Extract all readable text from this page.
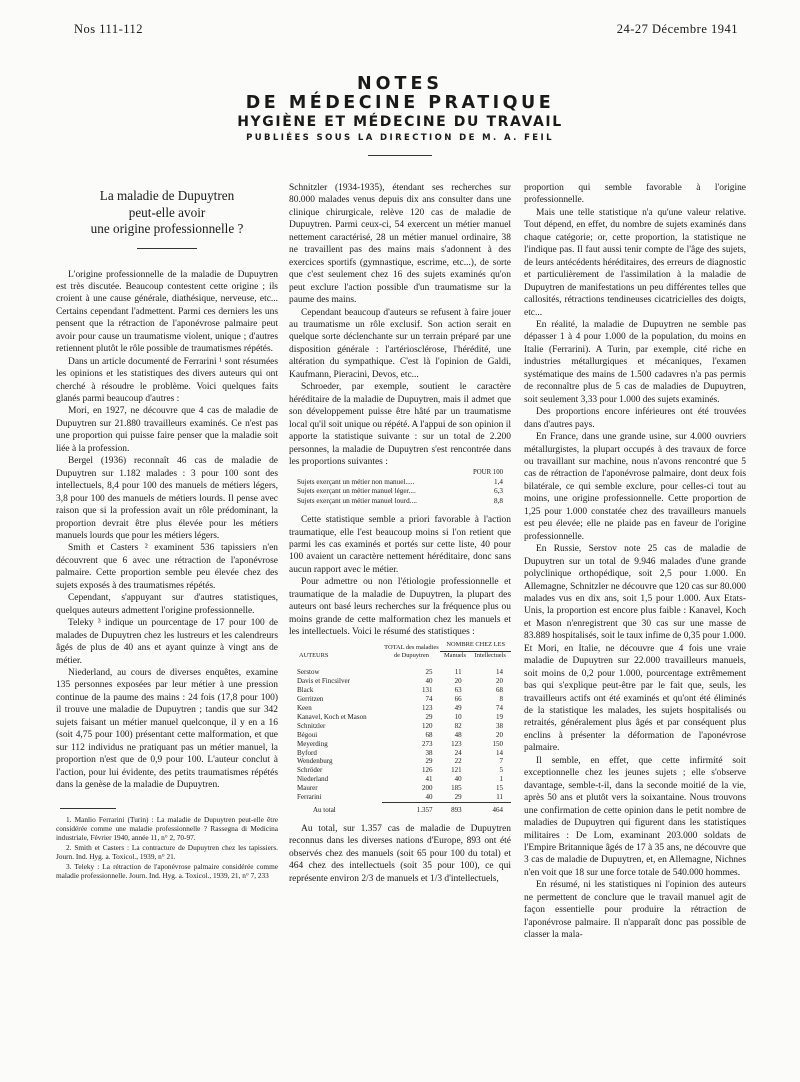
Nos 111-112	24-27 Décembre 1941
NOTES
DE MÉDECINE PRATIQUE
HYGIÈNE ET MÉDECINE DU TRAVAIL
PUBLIÉES SOUS LA DIRECTION DE M. A. FEIL
La maladie de Dupuytren
peut-elle avoir
une origine professionnelle ?

L'origine professionnelle de la maladie de Dupuytren est très discutée. Beaucoup contestent cette origine ; ils croient à une cause générale, diathésique, nerveuse, etc... Certains cependant l'admettent. Parmi ces derniers les uns pensent que la rétraction de l'aponévrose palmaire peut avoir pour cause un traumatisme violent, unique ; d'autres retiennent plutôt le rôle possible de traumatismes répétés.

Dans un article documenté de Ferrarini ¹ sont résumées les opinions et les statistiques des divers auteurs qui ont cherché à résoudre le problème. Voici quelques faits glanés parmi beaucoup d'autres :

Mori, en 1927, ne découvre que 4 cas de maladie de Dupuytren sur 21.880 travailleurs examinés. Ce n'est pas une proportion qui puisse faire penser que la maladie soit liée à la profession.

Bergel (1936) reconnaît 46 cas de maladie de Dupuytren sur 1.182 malades : 3 pour 100 sont des intellectuels, 8,4 pour 100 des manuels de métiers légers, 3,8 pour 100 des manuels de métiers lourds. Il pense avec raison que si la profession avait un rôle prédominant, la proportion devrait être plus élevée pour les métiers manuels lourds que pour les métiers légers.

Smith et Casters ² examinent 536 tapissiers n'en découvrent que 6 avec une rétraction de l'aponévrose palmaire. Cette proportion semble peu élevée chez des sujets exposés à des traumatismes répétés.

Cependant, s'appuyant sur d'autres statistiques, quelques auteurs admettent l'origine professionnelle.

Teleky ³ indique un pourcentage de 17 pour 100 de malades de Dupuytren chez les lustreurs et les calendreurs âgés de plus de 40 ans et ayant quinze à vingt ans de métier.

Niederland, au cours de diverses enquêtes, examine 135 personnes exposées par leur métier à une pression continue de la paume des mains : 24 fois (17,8 pour 100) il trouve une maladie de Dupuytren ; tandis que sur 342 sujets faisant un métier manuel quelconque, il y en a 16 (soit 4,75 pour 100) présentant cette malformation, et que sur 112 individus ne pratiquant pas un métier manuel, la proportion n'est que de 0,9 pour 100. L'auteur conclut à l'action, pour lui évidente, des petits traumatismes répétés dans la genèse de la maladie de Dupuytren.

1. Manlio Ferrarini (Turin) : La maladie de Dupuytren peut-elle être considérée comme une maladie professionnelle ? Rassegna di Medicina industriale, Février 1940, année 11, n° 2, 70-97.

2. Smith et Casters : La contracture de Dupuytren chez les tapissiers. Journ. Ind. Hyg. a. Toxicol., 1939, n° 21.

3. Teleky : La rétraction de l'aponévrose palmaire considérée comme maladie professionnelle. Journ. Ind. Hyg. a. Toxicol., 1939, 21, n° 7, 233

Schnitzler (1934-1935), étendant ses recherches sur 80.000 malades venus depuis dix ans consulter dans une clinique chirurgicale, relève 120 cas de maladie de Dupuytren. Parmi ceux-ci, 54 exercent un métier manuel nettement caractérisé, 28 un métier manuel ordinaire, 38 ne travaillent pas des mains mais s'adonnent à des exercices sportifs (gymnastique, escrime, etc...), de sorte que c'est seulement chez 16 des sujets examinés qu'on peut exclure l'action possible d'un traumatisme sur la paume des mains.

Cependant beaucoup d'auteurs se refusent à faire jouer au traumatisme un rôle exclusif. Son action serait en quelque sorte déclenchante sur un terrain préparé par une disposition générale : l'artériosclérose, l'hérédité, une altération du sympathique. C'est là l'opinion de Galdi, Kaufmann, Pieracini, Devos, etc...

Schroeder, par exemple, soutient le caractère héréditaire de la maladie de Dupuytren, mais il admet que son développement puisse être hâté par un traumatisme local qu'il soit unique ou répété. A l'appui de son opinion il apporte la statistique suivante : sur un total de 2.200 personnes, la maladie de Dupuytren s'est rencontrée dans les proportions suivantes :

	POUR 100
Sujets exerçant un métier non manuel.....	1,4
Sujets exerçant un métier manuel léger....	6,3
Sujets exerçant un métier manuel lourd....	8,8

Cette statistique semble a priori favorable à l'action traumatique, elle l'est beaucoup moins si l'on retient que parmi les cas examinés et portés sur cette liste, 40 pour 100 avaient un caractère nettement héréditaire, donc sans aucun rapport avec le métier.

Pour admettre ou non l'étiologie professionnelle et traumatique de la maladie de Dupuytren, la plupart des auteurs ont basé leurs recherches sur la fréquence plus ou moins grande de cette malformation chez les manuels et les intellectuels. Voici le résumé des statistiques :

AUTEURS	TOTAL des maladies de Dupuytren	NOMBRE CHEZ LES	
		Manuels	Intellectuels

Serstow	25	11	14
Davis et Fincsilver	40	20	20
Black	131	63	68
Gerritzen	74	66	8
Keen	123	49	74
Kanavel, Koch et Mason	29	10	19
Schnitzler	120	82	38
Bégoui	68	48	20
Meyerding	273	123	150
Byford	38	24	14
Wendenburg	29	22	7
Schröder	126	121	5
Niederland	41	40	1
Maurer	200	185	15
Ferrarini	40	29	11
Au total	1.357	893	464

Au total, sur 1.357 cas de maladie de Dupuytren reconnus dans les diverses nations d'Europe, 893 ont été observés chez des manuels (soit 65 pour 100 du total) et 464 chez des intellectuels (soit 35 pour 100), ce qui représente environ 2/3 de manuels et 1/3 d'intellectuels,

proportion qui semble favorable à l'origine professionnelle.

Mais une telle statistique n'a qu'une valeur relative. Tout dépend, en effet, du nombre de sujets examinés dans chaque catégorie; or, cette proportion, la statistique ne l'indique pas. Il faut aussi tenir compte de l'âge des sujets, de leurs antécédents héréditaires, des erreurs de diagnostic et particulièrement de l'assimilation à la maladie de Dupuytren de manifestations un peu différentes telles que callosités, rétractions tendineuses cicatricielles des doigts, etc...

En réalité, la maladie de Dupuytren ne semble pas dépasser 1 à 4 pour 1.000 de la population, du moins en Italie (Ferrarini). A Turin, par exemple, cité riche en industries métallurgiques et mécaniques, l'examen systématique des mains de 1.500 cadavres n'a pas permis de reconnaître plus de 5 cas de maladies de Dupuytren, soit seulement 3,33 pour 1.000 des sujets examinés.

Des proportions encore inférieures ont été trouvées dans d'autres pays.

En France, dans une grande usine, sur 4.000 ouvriers métallurgistes, la plupart occupés à des travaux de force ou travaillant sur machine, nous n'avons rencontré que 5 cas de rétraction de l'aponévrose palmaire, dont deux fois bilatérale, ce qui semble exclure, pour celles-ci tout au moins, une origine professionnelle. Cette proportion de 1,25 pour 1.000 constatée chez des travailleurs manuels est peu élevée; elle ne plaide pas en faveur de l'origine professionnelle.

En Russie, Serstov note 25 cas de maladie de Dupuytren sur un total de 9.946 malades d'une grande polyclinique orthopédique, soit 2,5 pour 1.000. En Allemagne, Schnitzler ne découvre que 120 cas sur 80.000 malades vus en dix ans, soit 1,5 pour 1.000. Aux Etats-Unis, la proportion est encore plus faible : Kanavel, Koch et Mason n'enregistrent que 30 cas sur une masse de 83.889 hospitalisés, soit le taux infime de 0,35 pour 1.000. Et Mori, en Italie, ne découvre que 4 fois une vraie maladie de Dupuytren sur 22.000 travailleurs manuels, soit moins de 0,2 pour 1.000, pourcentage extrêmement bas qui s'explique peut-être par le fait que, seuls, les travailleurs actifs ont été examinés et qu'ont été éliminés de la statistique les malades, les sujets hospitalisés ou retraités, généralement plus âgés et par conséquent plus enclins à présenter la déformation de l'aponévrose palmaire.

Il semble, en effet, que cette infirmité soit exceptionnelle chez les jeunes sujets ; elle s'observe davantage, semble-t-il, dans la seconde moitié de la vie, après 50 ans et plutôt vers la soixantaine. Nous trouvons une confirmation de cette opinion dans le petit nombre de maladies de Dupuytren qui figurent dans les statistiques militaires : De Lom, examinant 203.000 soldats de l'Empire Britannique âgés de 17 à 35 ans, ne découvre que 3 cas de maladie de Dupuytren, et, en Allemagne, Nichnes n'en voit que 18 sur une force totale de 540.000 hommes.

En résumé, ni les statistiques ni l'opinion des auteurs ne permettent de conclure que le travail manuel agit de façon essentielle pour produire la rétraction de l'aponévrose palmaire. Il n'apparaît donc pas possible de classer la mala-
